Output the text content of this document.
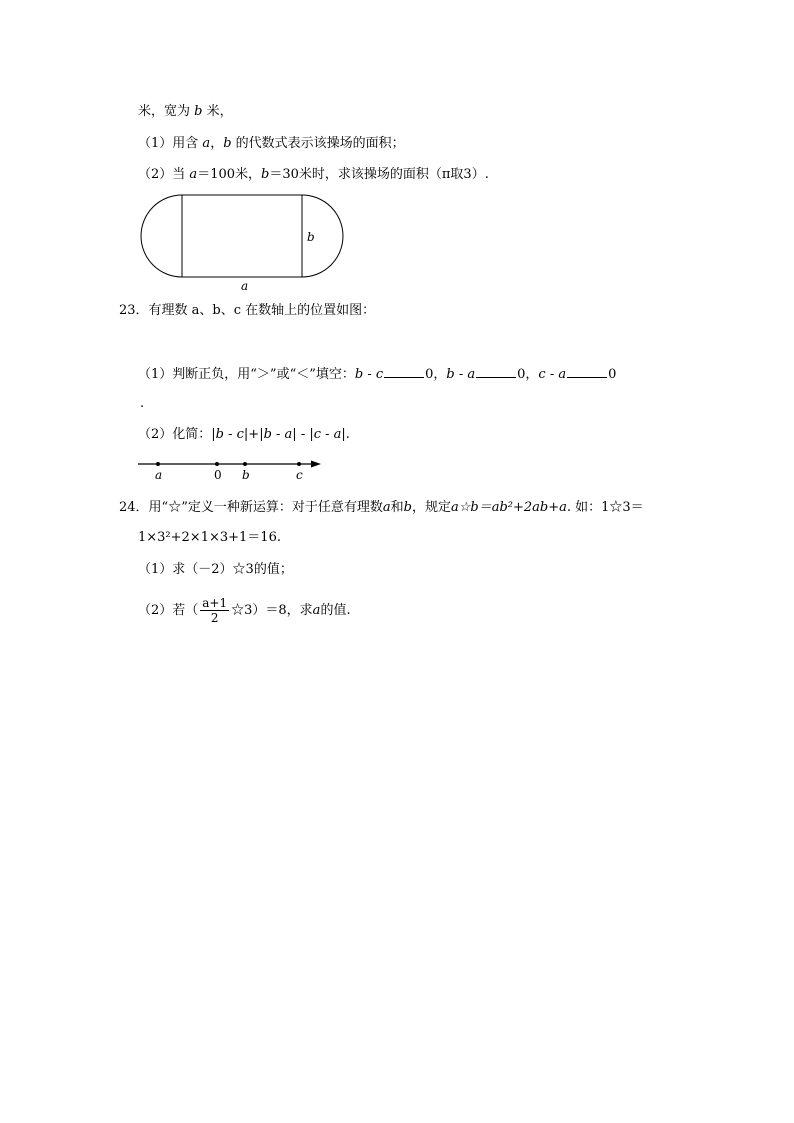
米，宽为 b 米，
（1）用含 a，b 的代数式表示该操场的面积；
（2）当 a＝100米，b＝30米时，求该操场的面积（π取3）.
b
a
23．有理数 a、b、c 在数轴上的位置如图：
（1）判断正负，用“＞”或“＜”填空：b - c	0，b - a	0，c - a	0
.
（2）化简：|b - c|+|b - a| - |c - a|.
a	0 b	c
24．用“☆”定义一种新运算：对于任意有理数a和b，规定a☆b＝ab²+2ab+a. 如：1☆3＝
1×3²+2×1×3+1＝16.
（1）求（－2）☆3的值；
（2）若（ $\frac{a+1}{2}$ ☆3）＝8，求a的值.
